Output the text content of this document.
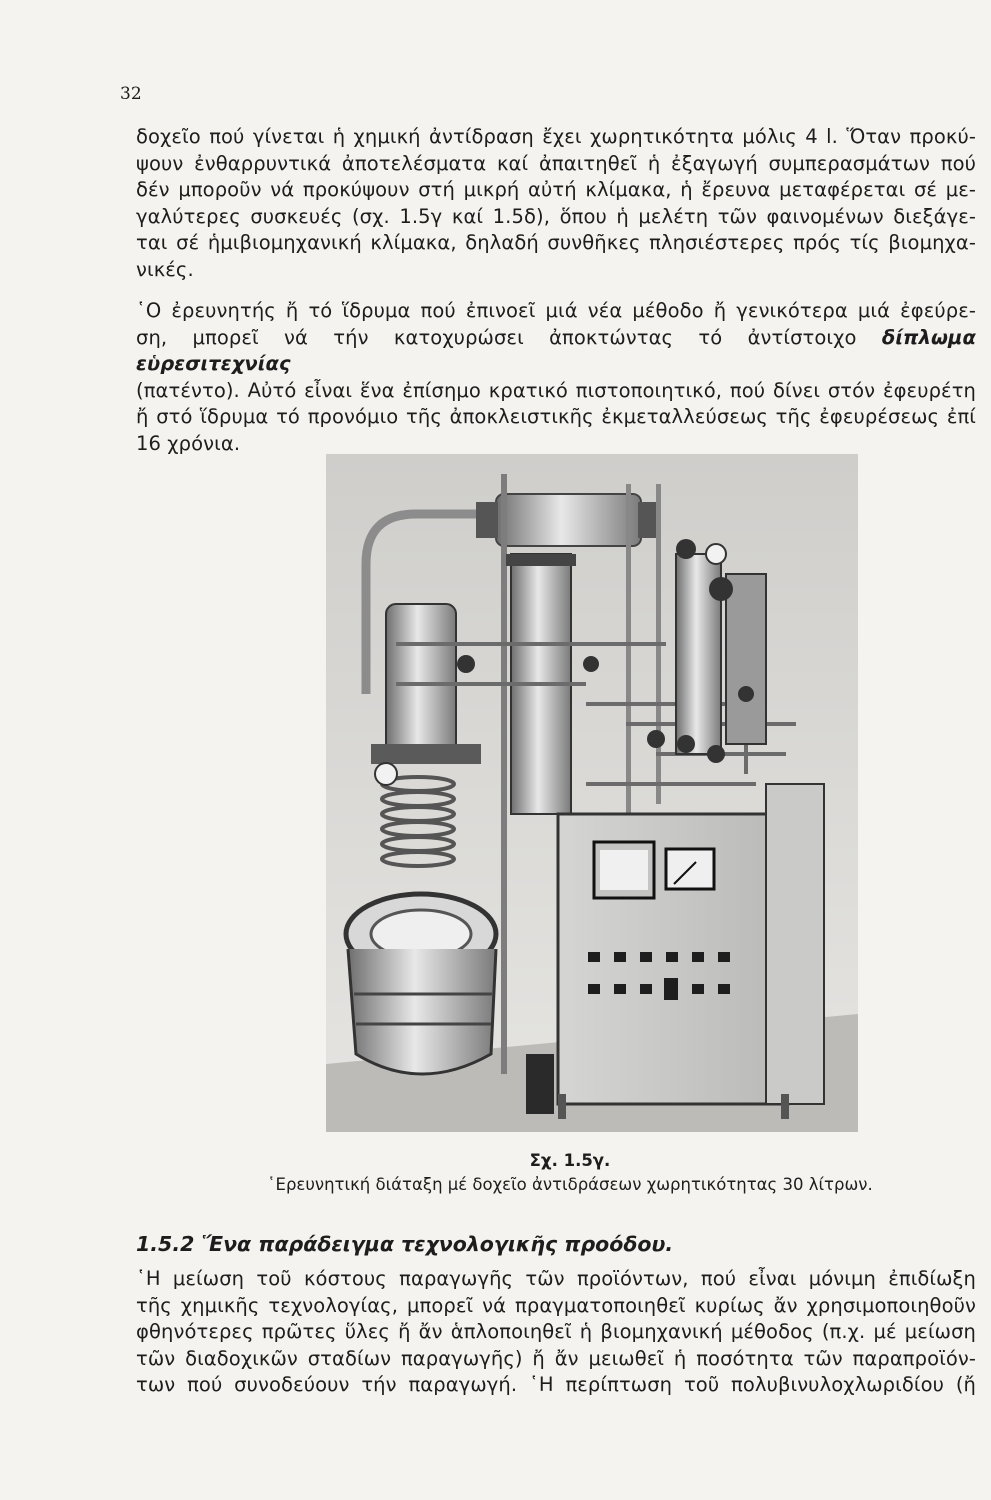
32
δοχεῖο πού γίνεται ἡ χημική ἀντίδραση ἔχει χωρητικότητα μόλις 4 l. Ὅταν προκύ-
ψουν ἐνθαρρυντικά ἀποτελέσματα καί ἀπαιτηθεῖ ἡ ἐξαγωγή συμπερασμάτων πού
δέν μποροῦν νά προκύψουν στή μικρή αὐτή κλίμακα, ἡ ἔρευνα μεταφέρεται σέ με-
γαλύτερες συσκευές (σχ. 1.5γ καί 1.5δ), ὅπου ἡ μελέτη τῶν φαινομένων διεξάγε-
ται σέ ἡμιβιομηχανική κλίμακα, δηλαδή συνθῆκες πλησιέστερες πρός τίς βιομηχα-
νικές.
῾Ο ἐρευνητής ἤ τό ἵδρυμα πού ἐπινοεῖ μιά νέα μέθοδο ἤ γενικότερα μιά ἐφεύρε-
ση, μπορεῖ νά τήν κατοχυρώσει ἀποκτώντας τό ἀντίστοιχο δίπλωμα εὑρεσιτεχνίας
(πατέντο). Αὐτό εἶναι ἕνα ἐπίσημο κρατικό πιστοποιητικό, πού δίνει στόν ἐφευρέτη
ἤ στό ἵδρυμα τό προνόμιο τῆς ἀποκλειστικῆς ἐκμεταλλεύσεως τῆς ἐφευρέσεως ἐπί
16 χρόνια.
Σχ. 1.5γ.
῾Ερευνητική διάταξη μέ δοχεῖο ἀντιδράσεων χωρητικότητας 30 λίτρων.
1.5.2 Ἕνα παράδειγμα τεχνολογικῆς προόδου.
῾Η μείωση τοῦ κόστους παραγωγῆς τῶν προϊόντων, πού εἶναι μόνιμη ἐπιδίωξη
τῆς χημικῆς τεχνολογίας, μπορεῖ νά πραγματοποιηθεῖ κυρίως ἄν χρησιμοποιηθοῦν
φθηνότερες πρῶτες ὕλες ἤ ἄν ἁπλοποιηθεῖ ἡ βιομηχανική μέθοδος (π.χ. μέ μείωση
τῶν διαδοχικῶν σταδίων παραγωγῆς) ἤ ἄν μειωθεῖ ἡ ποσότητα τῶν παραπροϊόν-
των πού συνοδεύουν τήν παραγωγή. ῾Η περίπτωση τοῦ πολυβινυλοχλωριδίου (ἤ
